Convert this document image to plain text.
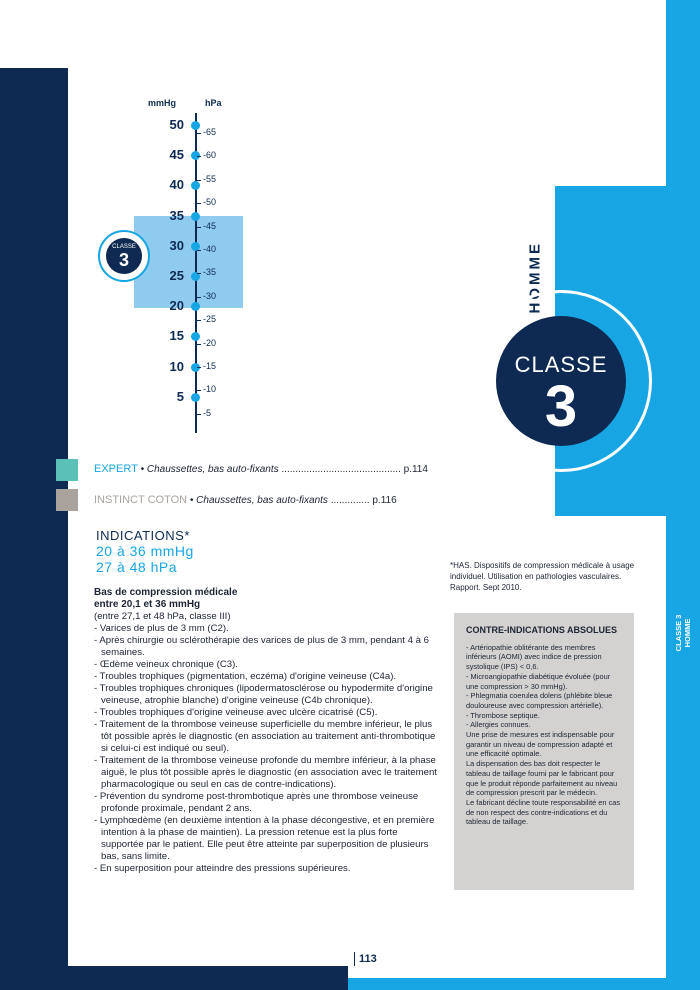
113
CLASSE 3 HOMME
HOMME
CLASSE
3
CLASSE
3
mmHg	hPa
50
45
40
35
30
25
20
15
10
5
-65
-60
-55
-50
-45
-40
-35
-30
-25
-20
-15
-10
-5
EXPERT • Chaussettes, bas auto-fixants ........................................... p.114
INSTINCT COTON • Chaussettes, bas auto-fixants .............. p.116
INDICATIONS*
20 à 36 mmHg
27 à 48 hPa
Bas de compression médicale
entre 20,1 et 36 mmHg
(entre 27,1 et 48 hPa, classe III)
- Varices de plus de 3 mm (C2).
- Après chirurgie ou sclérothérapie des varices de plus de 3 mm, pendant 4 à 6 semaines.
- Œdème veineux chronique (C3).
- Troubles trophiques (pigmentation, eczéma) d'origine veineuse (C4a).
- Troubles trophiques chroniques (lipodermatosclérose ou hypodermite d'origine veineuse, atrophie blanche) d'origine veineuse (C4b chronique).
- Troubles trophiques d'origine veineuse avec ulcère cicatrisé (C5).
- Traitement de la thrombose veineuse superficielle du membre inférieur, le plus tôt possible après le diagnostic (en association au traitement anti-thrombotique si celui-ci est indiqué ou seul).
- Traitement de la thrombose veineuse profonde du membre inférieur, à la phase aiguë, le plus tôt possible après le diagnostic (en association avec le traitement pharmacologique ou seul en cas de contre-indications).
- Prévention du syndrome post-thrombotique après une thrombose veineuse profonde proximale, pendant 2 ans.
- Lymphœdème (en deuxième intention à la phase décongestive, et en première intention à la phase de maintien). La pression retenue est la plus forte supportée par le patient. Elle peut être atteinte par superposition de plusieurs bas, sans limite.
- En superposition pour atteindre des pressions supérieures.
*HAS. Dispositifs de compression médicale à usage individuel. Utilisation en pathologies vasculaires. Rapport. Sept 2010.
CONTRE-INDICATIONS ABSOLUES
- Artériopathie oblitérante des membres inférieurs (AOMI) avec indice de pression systolique (IPS) < 0,6.
- Microangiopathie diabétique évoluée (pour une compression > 30 mmHg).
- Phlegmatia coerulea dolens (phlébite bleue douloureuse avec compression artérielle).
- Thrombose septique.
- Allergies connues.
Une prise de mesures est indispensable pour garantir un niveau de compression adapté et une efficacité optimale.
La dispensation des bas doit respecter le tableau de taillage fourni par le fabricant pour que le produit réponde parfaitement au niveau de compression prescrit par le médecin.
Le fabricant décline toute responsabilité en cas de non respect des contre-indications et du tableau de taillage.
